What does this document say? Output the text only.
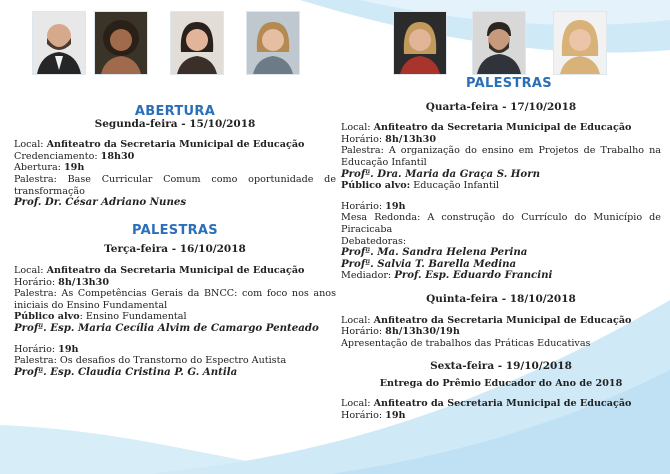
ABERTURA
Segunda-feira - 15/10/2018
Local: Anfiteatro da Secretaria Municipal de Educação
Credenciamento: 18h30
Abertura: 19h
Palestra: Base Curricular Comum como oportunidade de transformação
Prof. Dr. César Adriano Nunes
PALESTRAS
Terça-feira - 16/10/2018
Local: Anfiteatro da Secretaria Municipal de Educação
Horário: 8h/13h30
Palestra: As Competências Gerais da BNCC: com foco nos anos iniciais do Ensino Fundamental
Público alvo: Ensino Fundamental
Profª. Esp. Maria Cecília Alvim de Camargo Penteado
Horário: 19h
Palestra: Os desafios do Transtorno do Espectro Autista
Profª. Esp. Claudia Cristina P. G. Antila
PALESTRAS
Quarta-feira - 17/10/2018
Local: Anfiteatro da Secretaria Municipal de Educação
Horário: 8h/13h30
Palestra: A organização do ensino em Projetos de Trabalho na Educação Infantil
Profª. Dra. Maria da Graça S. Horn
Público alvo: Educação Infantil
Horário: 19h
Mesa Redonda: A construção do Currículo do Município de Piracicaba
Debatedoras:
Profª. Ma. Sandra Helena Perina
Profª. Salvia T. Barella Medina
Mediador: Prof. Esp. Eduardo Francini
Quinta-feira - 18/10/2018
Local: Anfiteatro da Secretaria Municipal de Educação
Horário: 8h/13h30/19h
Apresentação de trabalhos das Práticas Educativas
Sexta-feira - 19/10/2018
Entrega do Prêmio Educador do Ano de 2018
Local: Anfiteatro da Secretaria Municipal de Educação
Horário: 19h
